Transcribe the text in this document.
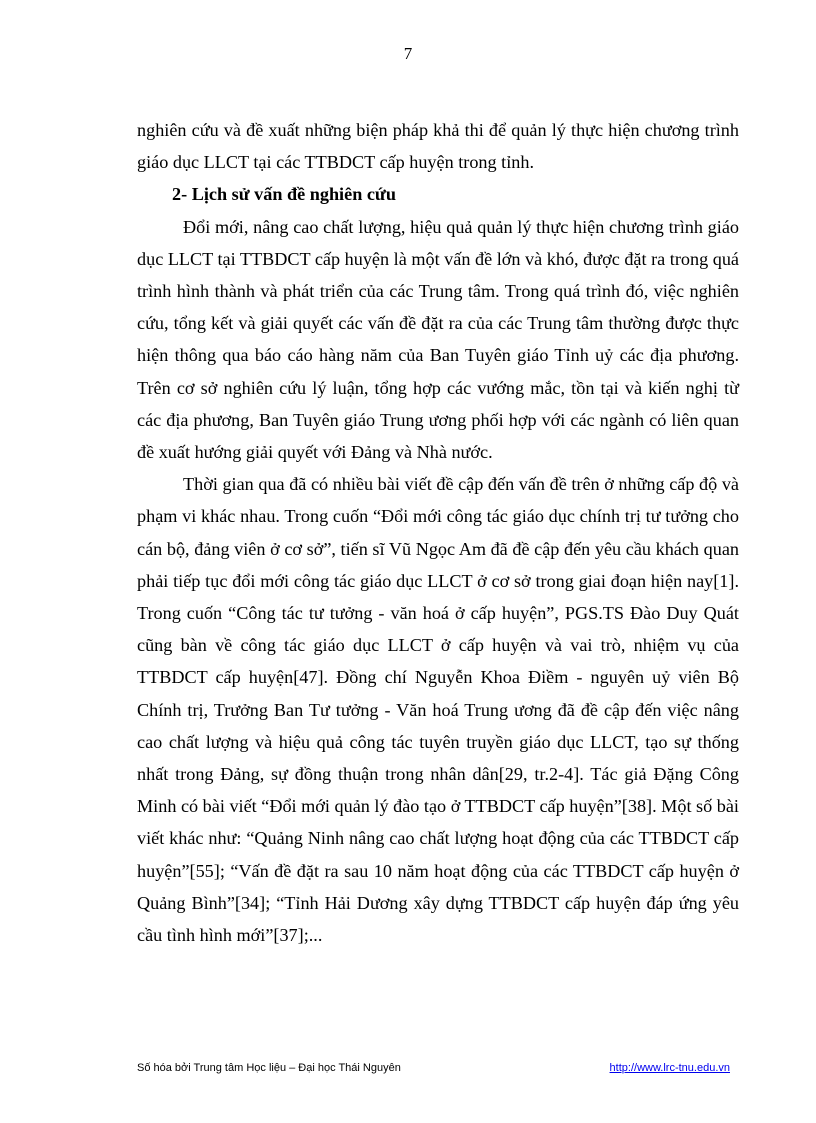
7

nghiên cứu và đề xuất những biện pháp khả thi để quản lý thực hiện chương trình giáo dục LLCT tại các TTBDCT cấp huyện trong tỉnh.

2- Lịch sử vấn đề nghiên cứu

Đổi mới, nâng cao chất lượng, hiệu quả quản lý thực hiện chương trình giáo dục LLCT tại TTBDCT cấp huyện là một vấn đề lớn và khó, được đặt ra trong quá trình hình thành và phát triển của các Trung tâm. Trong quá trình đó, việc nghiên cứu, tổng kết và giải quyết các vấn đề đặt ra của các Trung tâm thường được thực hiện thông qua báo cáo hàng năm của Ban Tuyên giáo Tỉnh uỷ các địa phương. Trên cơ sở nghiên cứu lý luận, tổng hợp các vướng mắc, tồn tại và kiến nghị từ các địa phương, Ban Tuyên giáo Trung ương phối hợp với các ngành có liên quan đề xuất hướng giải quyết với Đảng và Nhà nước.

Thời gian qua đã có nhiều bài viết đề cập đến vấn đề trên ở những cấp độ và phạm vi khác nhau. Trong cuốn “Đổi mới công tác giáo dục chính trị tư tưởng cho cán bộ, đảng viên ở cơ sở”, tiến sĩ Vũ Ngọc Am đã đề cập đến yêu cầu khách quan phải tiếp tục đổi mới công tác giáo dục LLCT ở cơ sở trong giai đoạn hiện nay[1]. Trong cuốn “Công tác tư tưởng - văn hoá ở cấp huyện”, PGS.TS Đào Duy Quát cũng bàn về công tác giáo dục LLCT ở cấp huyện và vai trò, nhiệm vụ của TTBDCT cấp huyện[47]. Đồng chí Nguyễn Khoa Điềm - nguyên uỷ viên Bộ Chính trị, Trưởng Ban Tư tưởng - Văn hoá Trung ương đã đề cập đến việc nâng cao chất lượng và hiệu quả công tác tuyên truyền giáo dục LLCT, tạo sự thống nhất trong Đảng, sự đồng thuận trong nhân dân[29, tr.2-4]. Tác giả Đặng Công Minh có bài viết “Đổi mới quản lý đào tạo ở TTBDCT cấp huyện”[38]. Một số bài viết khác như: “Quảng Ninh nâng cao chất lượng hoạt động của các TTBDCT cấp huyện”[55]; “Vấn đề đặt ra sau 10 năm hoạt động của các TTBDCT cấp huyện ở Quảng Bình”[34]; “Tỉnh Hải Dương xây dựng TTBDCT cấp huyện đáp ứng yêu cầu tình hình mới”[37];...

Số hóa bởi Trung tâm Học liệu – Đại học Thái Nguyên	http://www.lrc-tnu.edu.vn
